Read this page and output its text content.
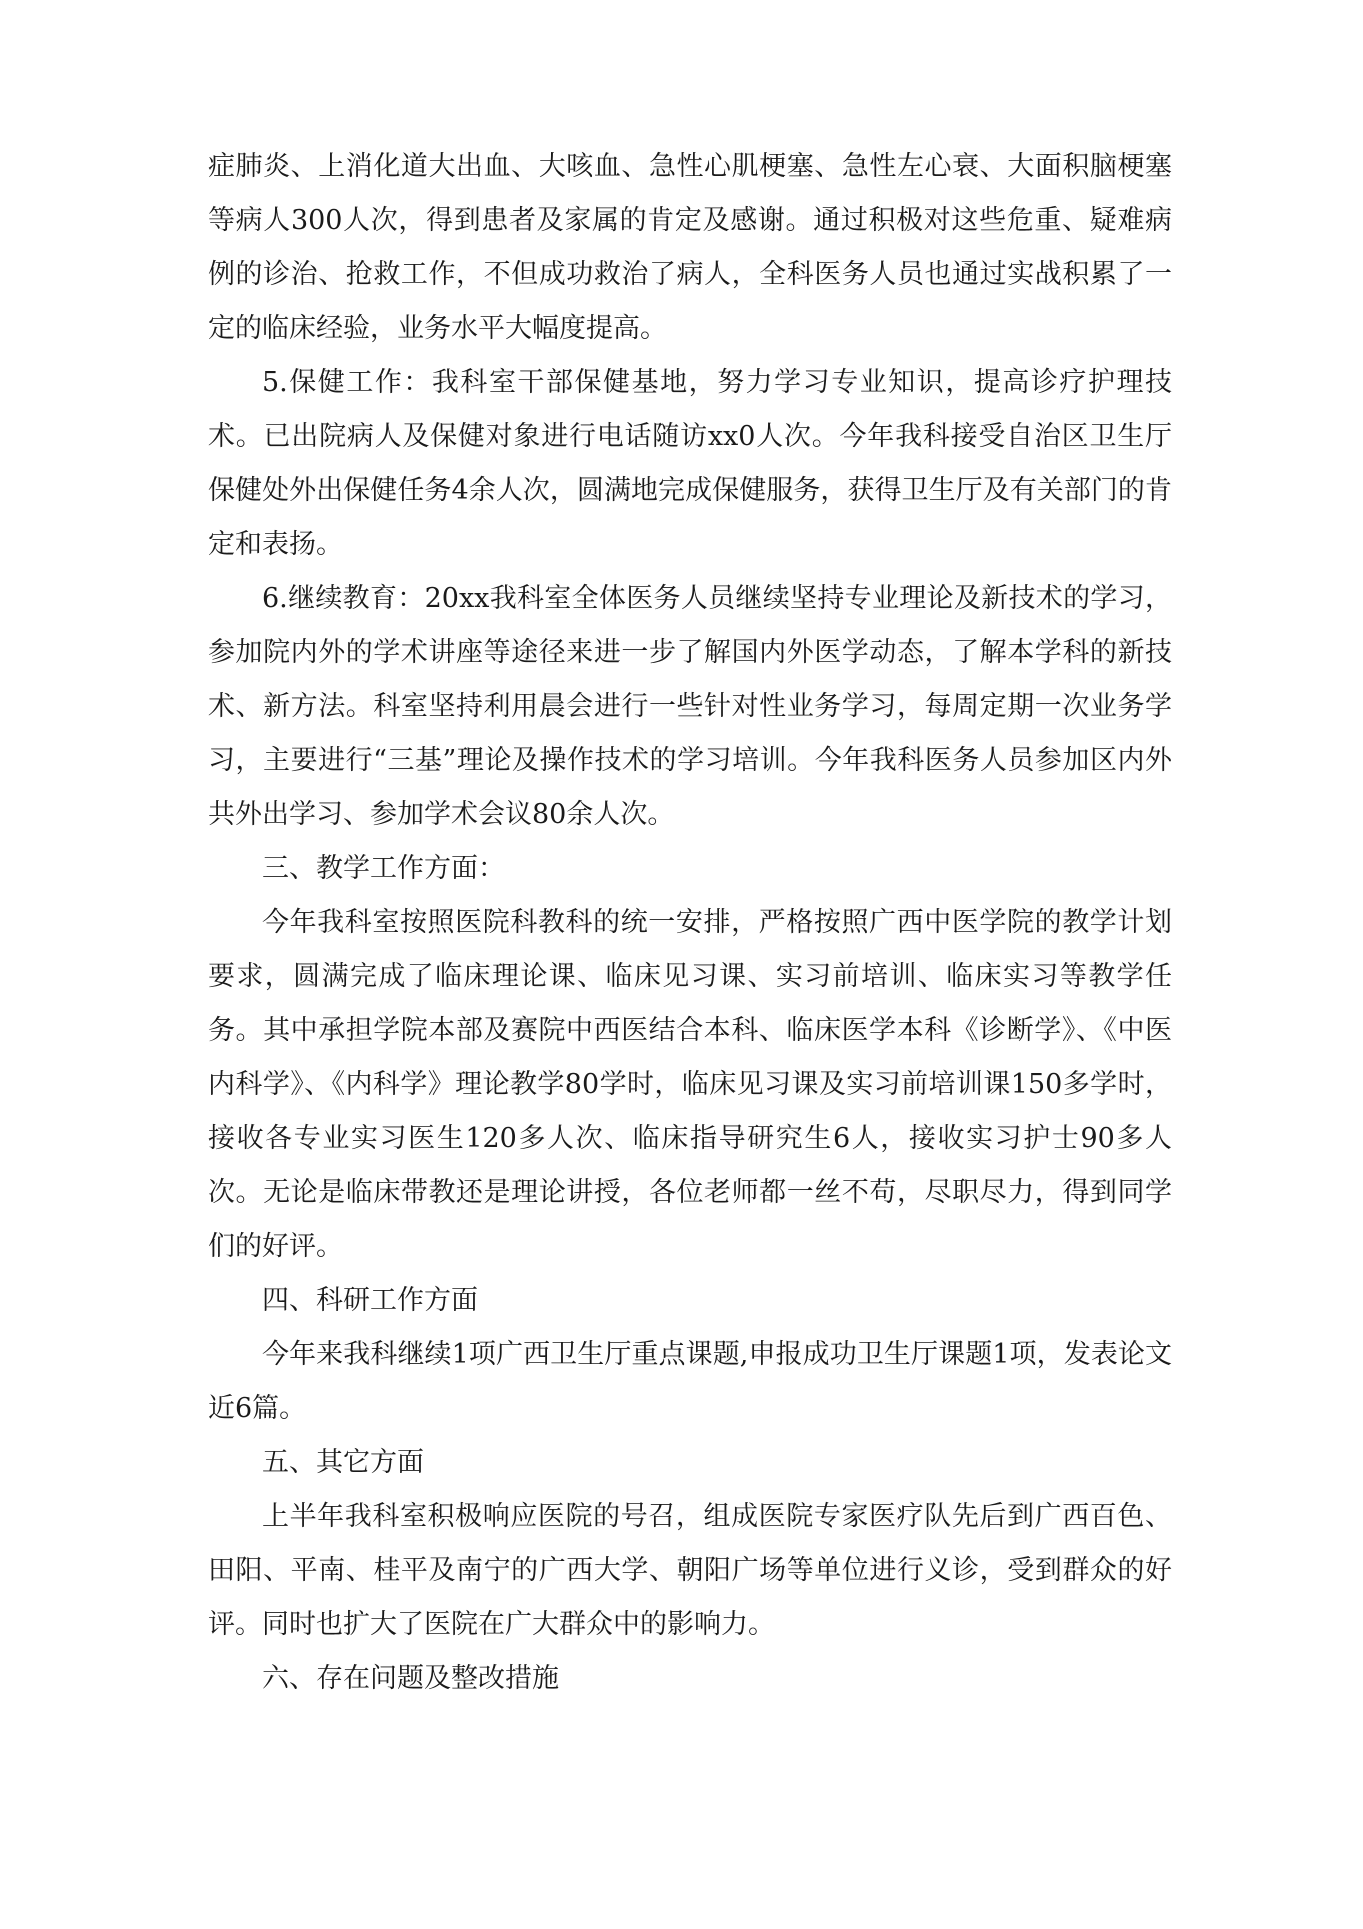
症肺炎、上消化道大出血、大咳血、急性心肌梗塞、急性左心衰、大面积脑梗塞等病人300人次，得到患者及家属的肯定及感谢。通过积极对这些危重、疑难病例的诊治、抢救工作，不但成功救治了病人，全科医务人员也通过实战积累了一定的临床经验，业务水平大幅度提高。

5.保健工作：我科室干部保健基地，努力学习专业知识，提高诊疗护理技术。已出院病人及保健对象进行电话随访xx0人次。今年我科接受自治区卫生厅保健处外出保健任务4余人次，圆满地完成保健服务，获得卫生厅及有关部门的肯定和表扬。

6.继续教育：20xx我科室全体医务人员继续坚持专业理论及新技术的学习，参加院内外的学术讲座等途径来进一步了解国内外医学动态，了解本学科的新技术、新方法。科室坚持利用晨会进行一些针对性业务学习，每周定期一次业务学习，主要进行“三基”理论及操作技术的学习培训。今年我科医务人员参加区内外共外出学习、参加学术会议80余人次。

三、教学工作方面：

今年我科室按照医院科教科的统一安排，严格按照广西中医学院的教学计划要求，圆满完成了临床理论课、临床见习课、实习前培训、临床实习等教学任务。其中承担学院本部及赛院中西医结合本科、临床医学本科《诊断学》、《中医内科学》、《内科学》理论教学80学时，临床见习课及实习前培训课150多学时，接收各专业实习医生120多人次、临床指导研究生6人，接收实习护士90多人次。无论是临床带教还是理论讲授，各位老师都一丝不苟，尽职尽力，得到同学们的好评。

四、科研工作方面

今年来我科继续1项广西卫生厅重点课题,申报成功卫生厅课题1项，发表论文近6篇。

五、其它方面

上半年我科室积极响应医院的号召，组成医院专家医疗队先后到广西百色、田阳、平南、桂平及南宁的广西大学、朝阳广场等单位进行义诊，受到群众的好评。同时也扩大了医院在广大群众中的影响力。

六、存在问题及整改措施
